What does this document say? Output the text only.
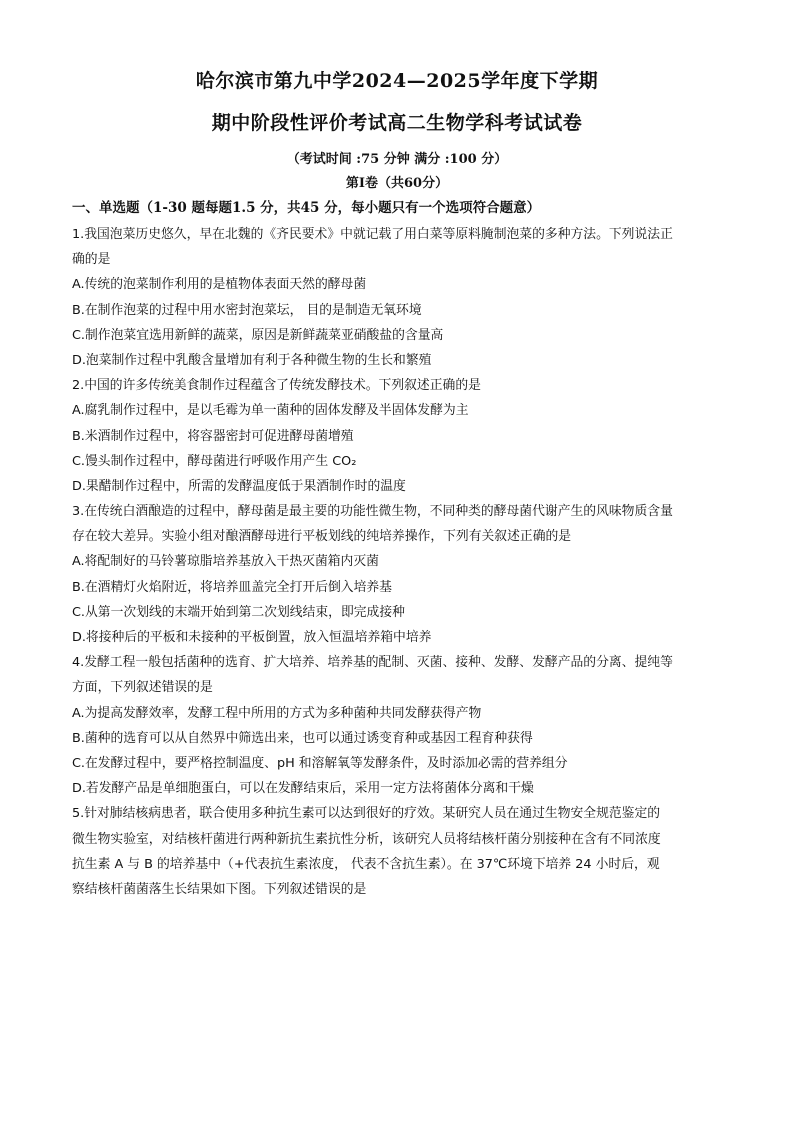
哈尔滨市第九中学2024—2025学年度下学期
期中阶段性评价考试高二生物学科考试试卷
（考试时间 :75 分钟 满分 :100 分）
第Ⅰ卷（共60分）
一、单选题（1-30 题每题1.5 分，共45 分，每小题只有一个选项符合题意）
1.我国泡菜历史悠久，早在北魏的《齐民要术》中就记载了用白菜等原料腌制泡菜的多种方法。下列说法正
确的是
A.传统的泡菜制作利用的是植物体表面天然的酵母菌
B.在制作泡菜的过程中用水密封泡菜坛， 目的是制造无氧环境
C.制作泡菜宜选用新鲜的蔬菜，原因是新鲜蔬菜亚硝酸盐的含量高
D.泡菜制作过程中乳酸含量增加有利于各种微生物的生长和繁殖
2.中国的许多传统美食制作过程蕴含了传统发酵技术。下列叙述正确的是
A.腐乳制作过程中，是以毛霉为单一菌种的固体发酵及半固体发酵为主
B.米酒制作过程中，将容器密封可促进酵母菌增殖
C.馒头制作过程中，酵母菌进行呼吸作用产生 CO₂
D.果醋制作过程中，所需的发酵温度低于果酒制作时的温度
3.在传统白酒酿造的过程中，酵母菌是最主要的功能性微生物，不同种类的酵母菌代谢产生的风味物质含量
存在较大差异。实验小组对酿酒酵母进行平板划线的纯培养操作，下列有关叙述正确的是
A.将配制好的马铃薯琼脂培养基放入干热灭菌箱内灭菌
B.在酒精灯火焰附近，将培养皿盖完全打开后倒入培养基
C.从第一次划线的末端开始到第二次划线结束，即完成接种
D.将接种后的平板和未接种的平板倒置，放入恒温培养箱中培养
4.发酵工程一般包括菌种的选育、扩大培养、培养基的配制、灭菌、接种、发酵、发酵产品的分离、提纯等
方面，下列叙述错误的是
A.为提高发酵效率，发酵工程中所用的方式为多种菌种共同发酵获得产物
B.菌种的选育可以从自然界中筛选出来，也可以通过诱变育种或基因工程育种获得
C.在发酵过程中，要严格控制温度、pH 和溶解氧等发酵条件，及时添加必需的营养组分
D.若发酵产品是单细胞蛋白，可以在发酵结束后，采用一定方法将菌体分离和干燥
5.针对肺结核病患者，联合使用多种抗生素可以达到很好的疗效。某研究人员在通过生物安全规范鉴定的
微生物实验室，对结核杆菌进行两种新抗生素抗性分析，该研究人员将结核杆菌分别接种在含有不同浓度
抗生素 A 与 B 的培养基中（+代表抗生素浓度， 代表不含抗生素）。在 37℃环境下培养 24 小时后，观
察结核杆菌菌落生长结果如下图。下列叙述错误的是
